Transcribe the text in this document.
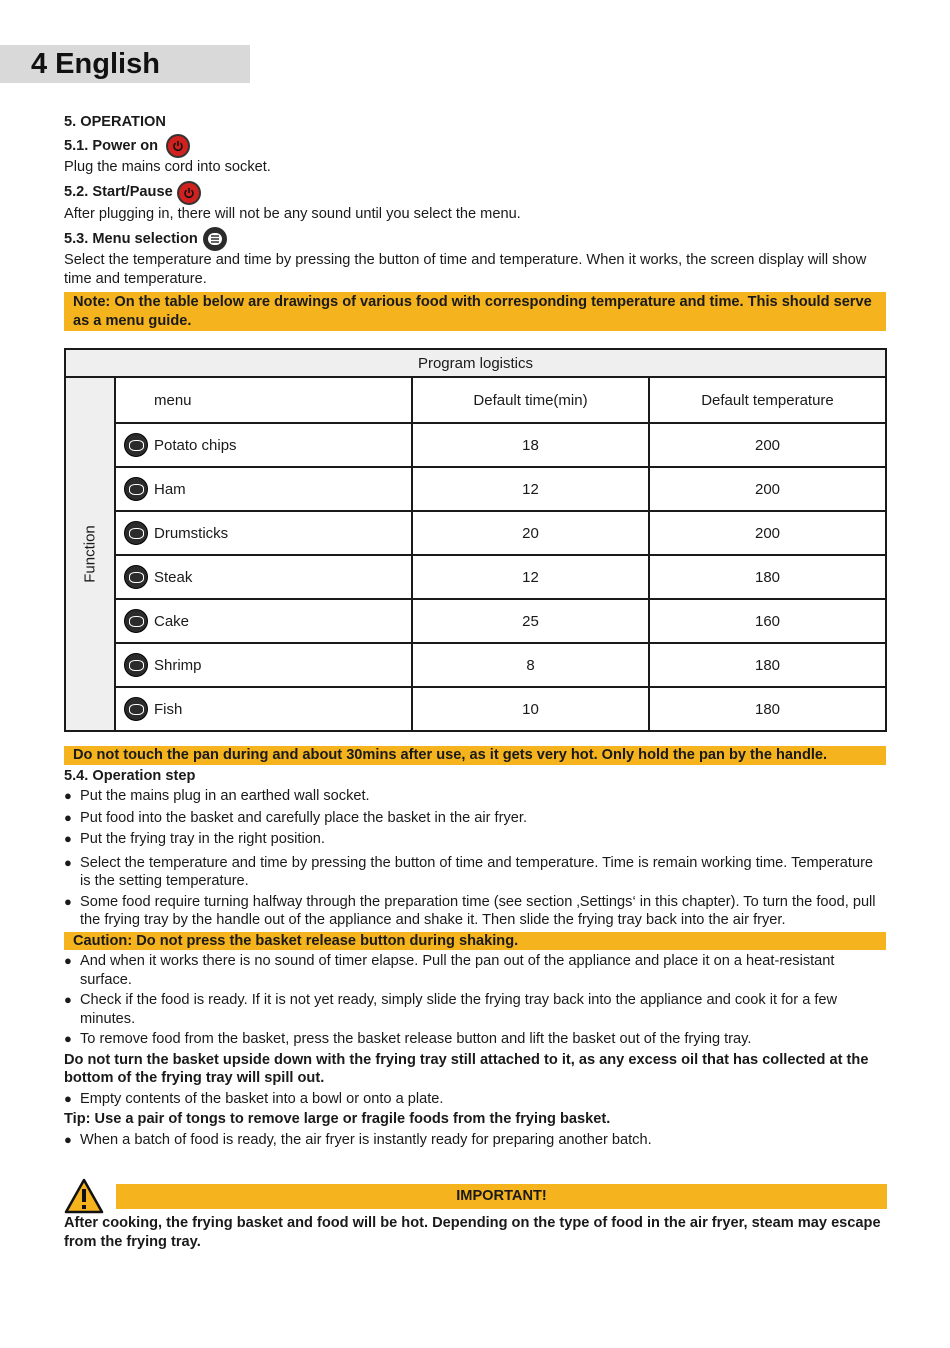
4 English
5. OPERATION
5.1. Power on
Plug the mains cord into socket.
5.2. Start/Pause
After plugging in, there will not be any sound until you select the menu.
5.3. Menu selection
Select the temperature and time by pressing the button of time and temperature. When it works, the screen display will show time and temperature.
Note: On the table below are drawings of various food with corresponding temperature and time. This should serve as a menu guide.
Program logistics			

Function	menu	Default time(min)	Default temperature

	Potato chips	18	200

	Ham	12	200

	Drumsticks	20	200

	Steak	12	180

	Cake	25	160

	Shrimp	8	180

	Fish	10	180
Do not touch the pan during and about 30mins after use, as it gets very hot. Only hold the pan by the handle.
5.4. Operation step
● Put the mains plug in an earthed wall socket.
● Put food into the basket and carefully place the basket in the air fryer.
● Put the frying tray in the right position.
● Select the temperature and time by pressing the button of time and temperature. Time is remain working time. Temperature is the setting temperature.
● Some food require turning halfway through the preparation time (see section ‚Settings‘ in this chapter). To turn the food, pull the frying tray by the handle out of the appliance and shake it. Then slide the frying tray back into the air fryer.
Caution: Do not press the basket release button during shaking.
● And when it works there is no sound of timer elapse. Pull the pan out of the appliance and place it on a heat-resistant surface.
● Check if the food is ready. If it is not yet ready, simply slide the frying tray back into the appliance and cook it for a few minutes.
● To remove food from the basket, press the basket release button and lift the basket out of the frying tray.
Do not turn the basket upside down with the frying tray still attached to it, as any excess oil that has collected at the bottom of the frying tray will spill out.
● Empty contents of the basket into a bowl or onto a plate.
Tip: Use a pair of tongs to remove large or fragile foods from the frying basket.
● When a batch of food is ready, the air fryer is instantly ready for preparing another batch.
IMPORTANT!
After cooking, the frying basket and food will be hot. Depending on the type of food in the air fryer, steam may escape from the frying tray.
